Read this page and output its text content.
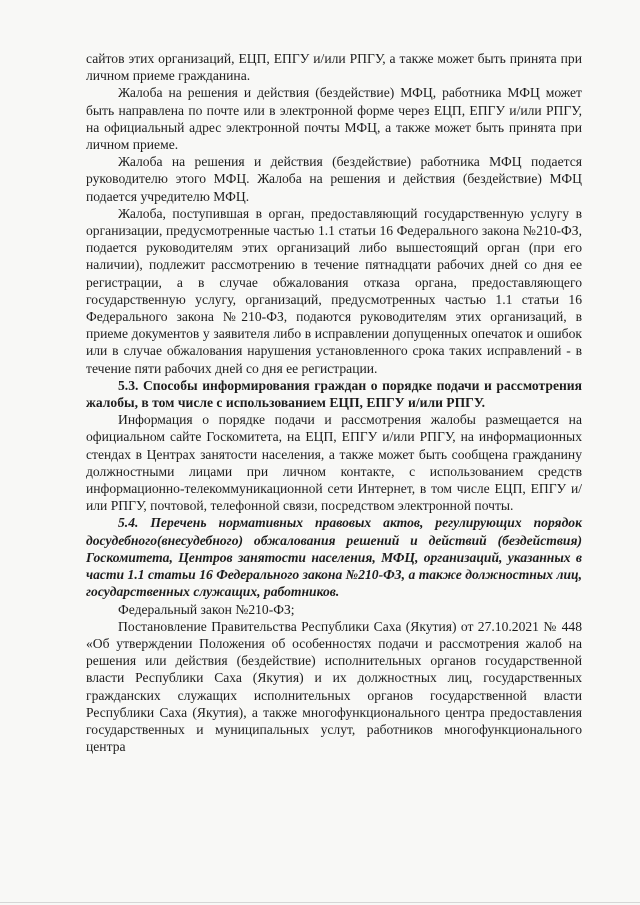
сайтов этих организаций, ЕЦП, ЕПГУ и/или РПГУ, а также может быть принята при личном приеме гражданина.

Жалоба на решения и действия (бездействие) МФЦ, работника МФЦ может быть направлена по почте или в электронной форме через ЕЦП, ЕПГУ и/или РПГУ, на официальный адрес электронной почты МФЦ, а также может быть принята при личном приеме.

Жалоба на решения и действия (бездействие) работника МФЦ подается руководителю этого МФЦ. Жалоба на решения и действия (бездействие) МФЦ подается учредителю МФЦ.

Жалоба, поступившая в орган, предоставляющий государственную услугу в организации, предусмотренные частью 1.1 статьи 16 Федерального закона №210-ФЗ, подается руководителям этих организаций либо вышестоящий орган (при его наличии), подлежит рассмотрению в течение пятнадцати рабочих дней со дня ее регистрации, а в случае обжалования отказа органа, предоставляющего государственную услугу, организаций, предусмотренных частью 1.1 статьи 16 Федерального закона №210-ФЗ, подаются руководителям этих организаций, в приеме документов у заявителя либо в исправлении допущенных опечаток и ошибок или в случае обжалования нарушения установленного срока таких исправлений - в течение пяти рабочих дней со дня ее регистрации.

5.3. Способы информирования граждан о порядке подачи и рассмотрения жалобы, в том числе с использованием ЕЦП, ЕПГУ и/или РПГУ.

Информация о порядке подачи и рассмотрения жалобы размещается на официальном сайте Госкомитета, на ЕЦП, ЕПГУ и/или РПГУ, на информационных стендах в Центрах занятости населения, а также может быть сообщена гражданину должностными лицами при личном контакте, с использованием средств информационно-телекоммуникационной сети Интернет, в том числе ЕЦП, ЕПГУ и/или РПГУ, почтовой, телефонной связи, посредством электронной почты.

5.4. Перечень нормативных правовых актов, регулирующих порядок досудебного(внесудебного) обжалования решений и действий (бездействия) Госкомитета, Центров занятости населения, МФЦ, организаций, указанных в части 1.1 статьи 16 Федерального закона №210-ФЗ, а также должностных лиц, государственных служащих, работников.

Федеральный закон №210-ФЗ;

Постановление Правительства Республики Саха (Якутия) от 27.10.2021 № 448 «Об утверждении Положения об особенностях подачи и рассмотрения жалоб на решения или действия (бездействие) исполнительных органов государственной власти Республики Саха (Якутия) и их должностных лиц, государственных гражданских служащих исполнительных органов государственной власти Республики Саха (Якутия), а также многофункционального центра предоставления государственных и муниципальных услут, работников многофункционального центра
